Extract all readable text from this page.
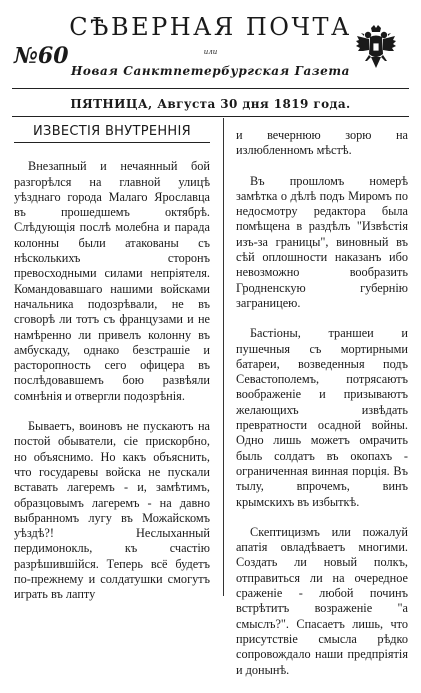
СѢВЕРНАЯ ПОЧТА
№60	или
Новая Санктпетербургская Газета
ПЯТНИЦА, Августа 30 дня 1819 года.
ИЗВЕСТІЯ ВНУТРЕННІЯ

Внезапный и нечаянный бой разгорѣлся на главной улицѣ уѣзднаго города Малаго Ярославца въ прошедшемъ октябрѣ. Слѣдующія послѣ молебна и парада колонны были атакованы съ нѣсколькихъ сторонъ превосходными силами непріятеля. Командовавшаго нашими войсками начальника подозрѣвали, не въ сговорѣ ли тотъ съ французами и не намѣренно ли привелъ колонну въ амбускаду, однако безстрашіе и расторопность сего офицера въ послѣдовавшемъ бою развѣяли сомнѣнія и отвергли подозрѣнія.

Бываетъ, воиновъ не пускаютъ на постой обыватели, сіе прискорбно, но объяснимо. Но какъ объяснить, что государевы войска не пускали вставать лагеремъ - и, замѣтимъ, образцовымъ лагеремъ - на давно выбранномъ лугу въ Можайскомъ уѣздѣ?! Неслыханный пердимонокль, къ счастію разрѣшившійся. Теперь всё будетъ по-прежнему и солдатушки смогутъ играть въ лапту

и вечернюю зорю на излюбленномъ мѣстѣ.

Въ прошломъ номерѣ замѣтка о дѣлѣ подъ Миромъ по недосмотру редактора была помѣщена в раздѣлъ "Извѣстія изъ-за границы", виновный въ сѣй оплошности наказанъ ибо невозможно вообразить Гродненскую губернію заграницею.

Бастіоны, траншеи и пушечныя съ мортирными батареи, возведенныя подъ Севастополемъ, потрясаютъ воображеніе и призываютъ желающихъ извѣдать превратности осадной войны. Одно лишь можетъ омрачить быль солдатъ въ окопахъ - ограниченная винная порція. Въ тылу, впрочемъ, винъ крымскихъ въ избыткѣ.

Скептицизмъ или пожалуй апатія овладѣваетъ многими. Создать ли новый полкъ, отправиться ли на очередное сраженіе - любой починъ встрѣтитъ возраженіе "а смыслъ?". Спасаетъ лишь, что присутствіе смысла рѣдко сопровождало наши предпріятія и донынѣ.
